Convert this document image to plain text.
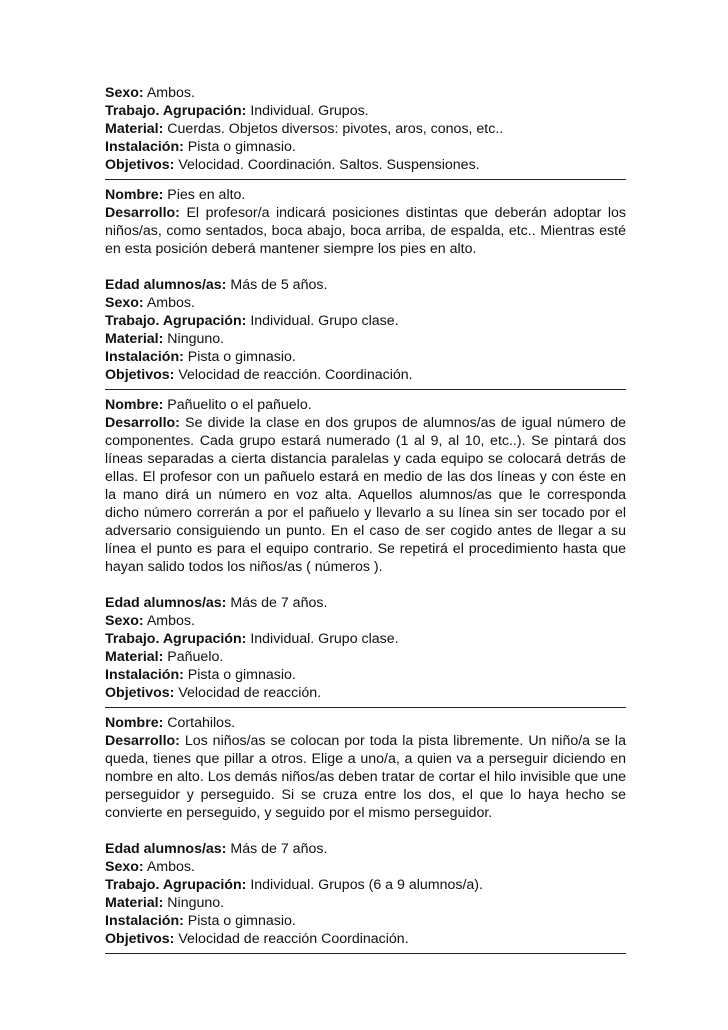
Sexo: Ambos.

Trabajo. Agrupación: Individual. Grupos.

Material: Cuerdas. Objetos diversos: pivotes, aros, conos, etc..

Instalación: Pista o gimnasio.

Objetivos: Velocidad. Coordinación. Saltos. Suspensiones.

Nombre: Pies en alto.

Desarrollo: El profesor/a indicará posiciones distintas que deberán adoptar los niños/as, como sentados, boca abajo, boca arriba, de espalda, etc.. Mientras esté en esta posición deberá mantener siempre los pies en alto.

Edad alumnos/as: Más de 5 años.

Sexo: Ambos.

Trabajo. Agrupación: Individual. Grupo clase.

Material: Ninguno.

Instalación: Pista o gimnasio.

Objetivos: Velocidad de reacción. Coordinación.

Nombre: Pañuelito o el pañuelo.

Desarrollo: Se divide la clase en dos grupos de alumnos/as de igual número de componentes. Cada grupo estará numerado (1 al 9, al 10, etc..). Se pintará dos líneas separadas a cierta distancia paralelas y cada equipo se colocará detrás de ellas. El profesor con un pañuelo estará en medio de las dos líneas y con éste en la mano dirá un número en voz alta. Aquellos alumnos/as que le corresponda dicho número correrán a por el pañuelo y llevarlo a su línea sin ser tocado por el adversario consiguiendo un punto. En el caso de ser cogido antes de llegar a su línea el punto es para el equipo contrario. Se repetirá el procedimiento hasta que hayan salido todos los niños/as ( números ).

Edad alumnos/as: Más de 7 años.

Sexo: Ambos.

Trabajo. Agrupación: Individual. Grupo clase.

Material: Pañuelo.

Instalación: Pista o gimnasio.

Objetivos: Velocidad de reacción.

Nombre: Cortahilos.

Desarrollo: Los niños/as se colocan por toda la pista libremente. Un niño/a se la queda, tienes que pillar a otros. Elige a uno/a, a quien va a perseguir diciendo en nombre en alto. Los demás niños/as deben tratar de cortar el hilo invisible que une perseguidor y perseguido. Si se cruza entre los dos, el que lo haya hecho se convierte en perseguido, y seguido por el mismo perseguidor.

Edad alumnos/as: Más de 7 años.

Sexo: Ambos.

Trabajo. Agrupación: Individual. Grupos (6 a 9 alumnos/a).

Material: Ninguno.

Instalación: Pista o gimnasio.

Objetivos: Velocidad de reacción Coordinación.
